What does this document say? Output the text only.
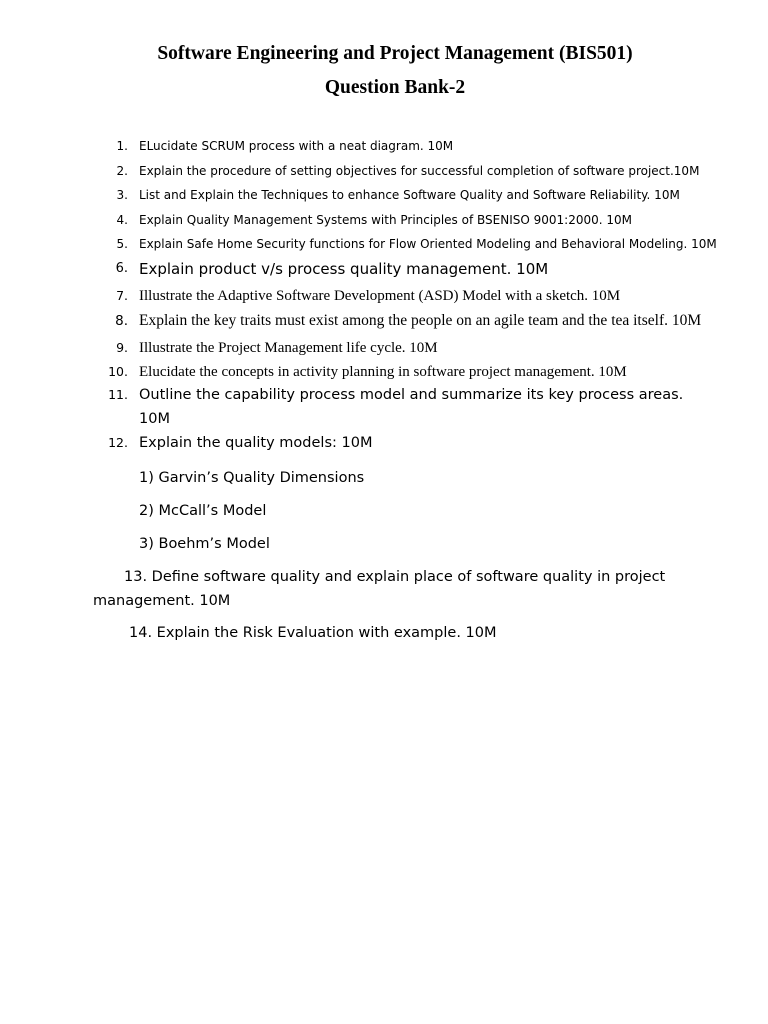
Software Engineering and Project Management (BIS501)
Question Bank-2
1. ELucidate SCRUM process with a neat diagram. 10M
2. Explain the procedure of setting objectives for successful completion of software project.10M
3. List and Explain the Techniques to enhance Software Quality and Software Reliability. 10M
4. Explain Quality Management Systems with Principles of BSENISO 9001:2000. 10M
5. Explain Safe Home Security functions for Flow Oriented Modeling and Behavioral Modeling. 10M
6. Explain product v/s process quality management. 10M
7. Illustrate the Adaptive Software Development (ASD) Model with a sketch. 10M
8. Explain the key traits must exist among the people on an agile team and the tea itself. 10M
9. Illustrate the Project Management life cycle. 10M
10. Elucidate the concepts in activity planning in software project management. 10M
11. Outline the capability process model and summarize its key process areas.
10M
12. Explain the quality models: 10M
1) Garvin’s Quality Dimensions
2) McCall’s Model
3) Boehm’s Model
13. Define software quality and explain place of software quality in project
management. 10M
14. Explain the Risk Evaluation with example. 10M
